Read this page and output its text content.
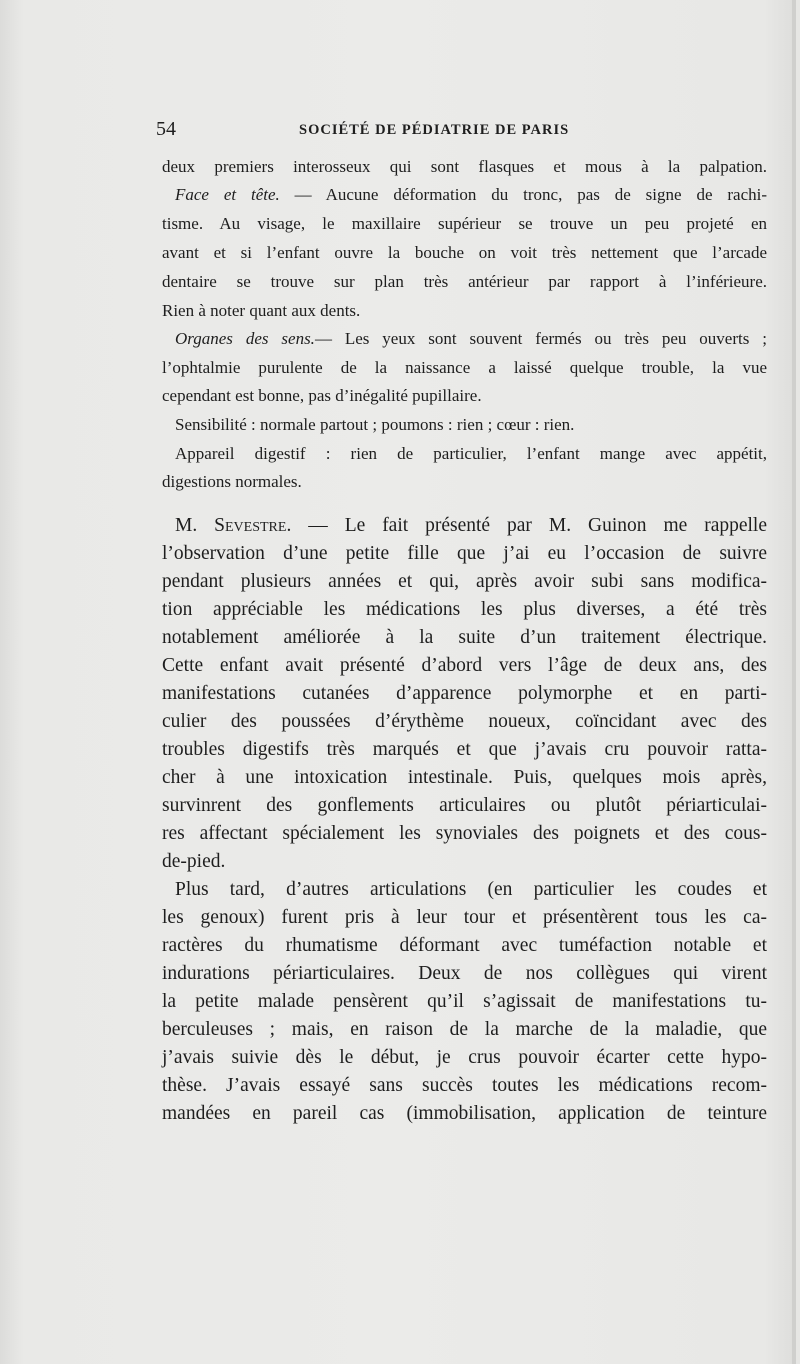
54	SOCIÉTÉ DE PÉDIATRIE DE PARIS
deux premiers interosseux qui sont flasques et mous à la palpation.
Face et tête. — Aucune déformation du tronc, pas de signe de rachi-
tisme. Au visage, le maxillaire supérieur se trouve un peu projeté en
avant et si l’enfant ouvre la bouche on voit très nettement que l’arcade
dentaire se trouve sur plan très antérieur par rapport à l’inférieure.
Rien à noter quant aux dents.
Organes des sens.— Les yeux sont souvent fermés ou très peu ouverts ;
l’ophtalmie purulente de la naissance a laissé quelque trouble, la vue
cependant est bonne, pas d’inégalité pupillaire.
Sensibilité : normale partout ; poumons : rien ; cœur : rien.
Appareil digestif : rien de particulier, l’enfant mange avec appétit,
digestions normales.
M. Sevestre. — Le fait présenté par M. Guinon me rappelle
l’observation d’une petite fille que j’ai eu l’occasion de suivre
pendant plusieurs années et qui, après avoir subi sans modifica-
tion appréciable les médications les plus diverses, a été très
notablement améliorée à la suite d’un traitement électrique.
Cette enfant avait présenté d’abord vers l’âge de deux ans, des
manifestations cutanées d’apparence polymorphe et en parti-
culier des poussées d’érythème noueux, coïncidant avec des
troubles digestifs très marqués et que j’avais cru pouvoir ratta-
cher à une intoxication intestinale. Puis, quelques mois après,
survinrent des gonflements articulaires ou plutôt périarticulai-
res affectant spécialement les synoviales des poignets et des cous-
de-pied.
Plus tard, d’autres articulations (en particulier les coudes et
les genoux) furent pris à leur tour et présentèrent tous les ca-
ractères du rhumatisme déformant avec tuméfaction notable et
indurations périarticulaires. Deux de nos collègues qui virent
la petite malade pensèrent qu’il s’agissait de manifestations tu-
berculeuses ; mais, en raison de la marche de la maladie, que
j’avais suivie dès le début, je crus pouvoir écarter cette hypo-
thèse. J’avais essayé sans succès toutes les médications recom-
mandées en pareil cas (immobilisation, application de teinture
